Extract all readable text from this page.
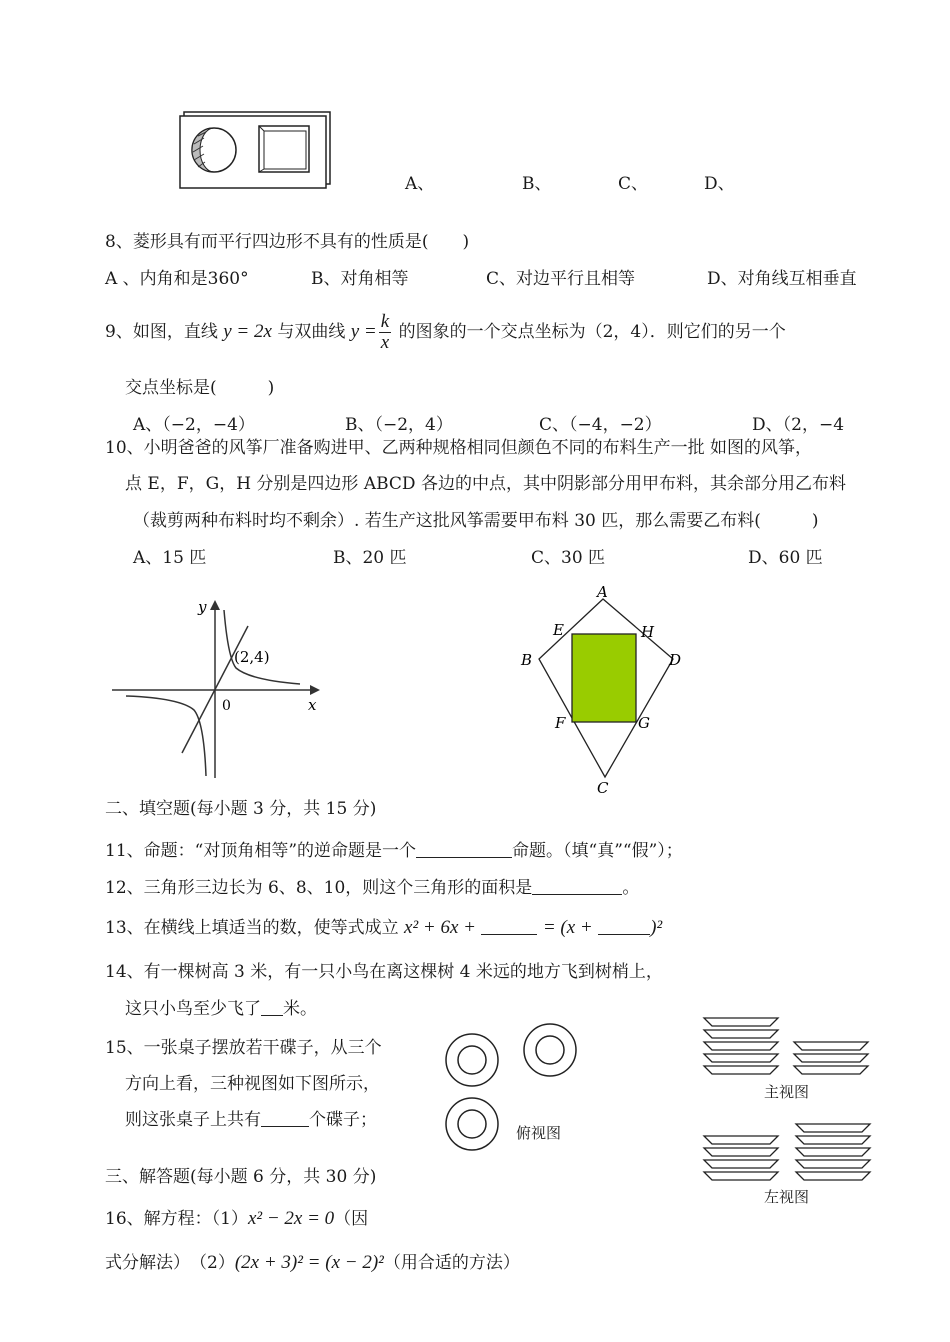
A、	B、	C、	D、
8、菱形具有而平行四边形不具有的性质是(　　)
A 、内角和是360°	B、对角相等	C、对边平行且相等	D、对角线互相垂直
9、如图，直线 y = 2x 与双曲线 $y = \frac{k}{x}$ 的图象的一个交点坐标为（2，4）．则它们的另一个
交点坐标是(　　　)
A、（−2，−4）	B、（−2，4）	C、（−4，−2）	D、（2，−4
10、小明爸爸的风筝厂准备购进甲、乙两种规格相同但颜色不同的布料生产一批 如图的风筝，
点 E，F，G，H 分别是四边形 ABCD 各边的中点，其中阴影部分用甲布料，其余部分用乙布料
（裁剪两种布料时均不剩余）. 若生产这批风筝需要甲布料 30 匹，那么需要乙布料(　　　)
A、15 匹	B、20 匹	C、30 匹	D、60 匹
y
x
0
(2,4)
A
B
C
D
E
F	G
H
二、填空题(每小题 3 分，共 15 分)
11、命题：“对顶角相等”的逆命题是一个	命题。（填“真”“假”）；
12、三角形三边长为 6、8、10，则这个三角形的面积是	。
13、在横线上填适当的数，使等式成立 x² + 6x +	= (x +	)²
14、有一棵树高 3 米，有一只小鸟在离这棵树 4 米远的地方飞到树梢上，
这只小鸟至少飞了 米。
15、一张桌子摆放若干碟子，从三个
方向上看，三种视图如下图所示，
则这张桌子上共有	个碟子；
俯视图
主视图
左视图
三、解答题(每小题 6 分，共 30 分)
16、解方程：（1）x² − 2x = 0（因
式分解法）　（2）(2x + 3)² = (x − 2)²（用合适的方法）
